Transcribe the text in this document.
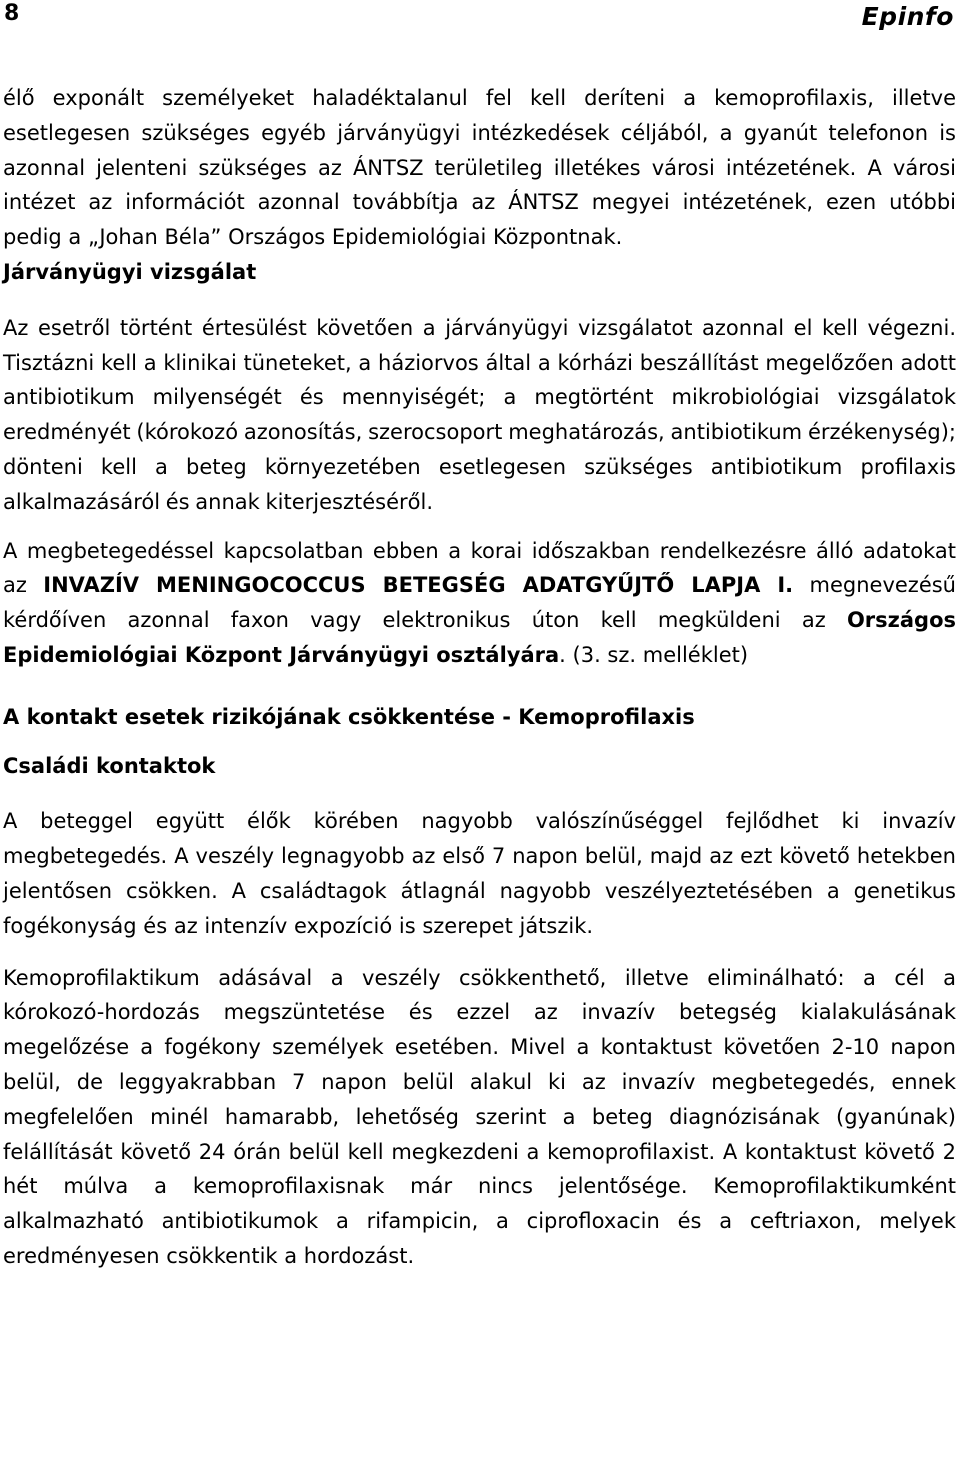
8	Epinfo

élő exponált személyeket haladéktalanul fel kell deríteni a kemoprofilaxis, illetve esetlegesen szükséges egyéb járványügyi intézkedések céljából, a gyanút telefonon is azonnal jelenteni szükséges az ÁNTSZ területileg illetékes városi intézetének. A városi intézet az információt azonnal továbbítja az ÁNTSZ megyei intézetének, ezen utóbbi pedig a „Johan Béla” Országos Epidemiológiai Központnak.

Járványügyi vizsgálat

Az esetről történt értesülést követően a járványügyi vizsgálatot azonnal el kell végezni. Tisztázni kell a klinikai tüneteket, a háziorvos által a kórházi beszállítást megelőzően adott antibiotikum milyenségét és mennyiségét; a megtörtént mikrobiológiai vizsgálatok eredményét (kórokozó azonosítás, szerocsoport meghatározás, antibiotikum érzékenység); dönteni kell a beteg környezetében esetlegesen szükséges antibiotikum profilaxis alkalmazásáról és annak kiterjesztéséről.

A megbetegedéssel kapcsolatban ebben a korai időszakban rendelkezésre álló adatokat az INVAZÍV MENINGOCOCCUS BETEGSÉG ADATGYŰJTŐ LAPJA I. megnevezésű kérdőíven azonnal faxon vagy elektronikus úton kell megküldeni az Országos Epidemiológiai Központ Járványügyi osztályára. (3. sz. melléklet)

A kontakt esetek rizikójának csökkentése - Kemoprofilaxis
Családi kontaktok

A beteggel együtt élők körében nagyobb valószínűséggel fejlődhet ki invazív megbetegedés. A veszély legnagyobb az első 7 napon belül, majd az ezt követő hetekben jelentősen csökken. A családtagok átlagnál nagyobb veszélyeztetésében a genetikus fogékonyság és az intenzív expozíció is szerepet játszik.

Kemoprofilaktikum adásával a veszély csökkenthető, illetve eliminálható: a cél a kórokozó-hordozás megszüntetése és ezzel az invazív betegség kialakulásának megelőzése a fogékony személyek esetében. Mivel a kontaktust követően 2-10 napon belül, de leggyakrabban 7 napon belül alakul ki az invazív megbetegedés, ennek megfelelően minél hamarabb, lehetőség szerint a beteg diagnózisának (gyanúnak) felállítását követő 24 órán belül kell megkezdeni a kemoprofilaxist. A kontaktust követő 2 hét múlva a kemoprofilaxisnak már nincs jelentősége. Kemoprofilaktikumként alkalmazható antibiotikumok a rifampicin, a ciprofloxacin és a ceftriaxon, melyek eredményesen csökkentik a hordozást.
